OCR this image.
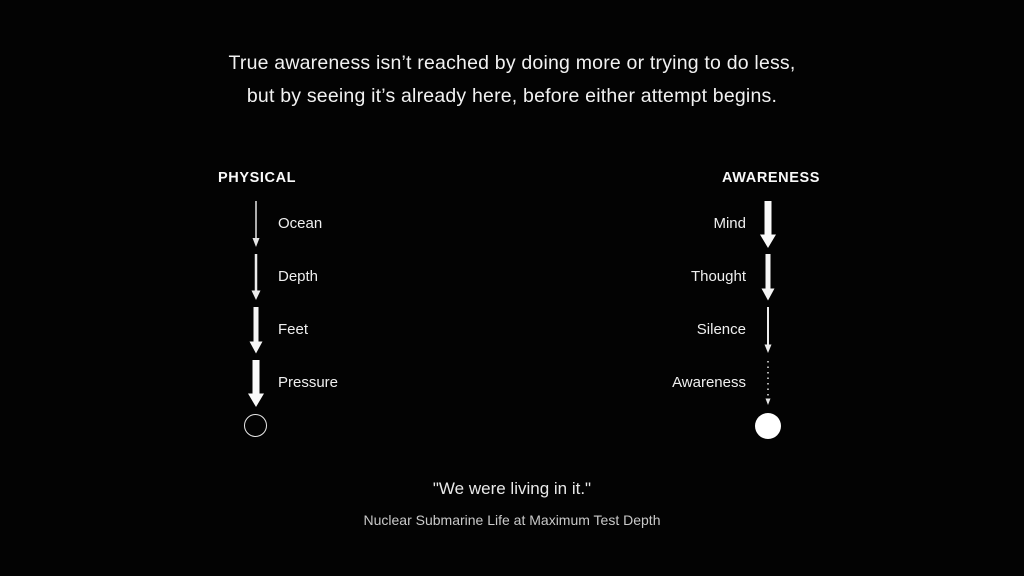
True awareness isn’t reached by doing more or trying to do less,
but by seeing it’s already here, before either attempt begins.
PHYSICAL	AWARENESS
Ocean
Depth
Feet
Pressure
Mind
Thought
Silence
Awareness
"We were living in it."
Nuclear Submarine Life at Maximum Test Depth
